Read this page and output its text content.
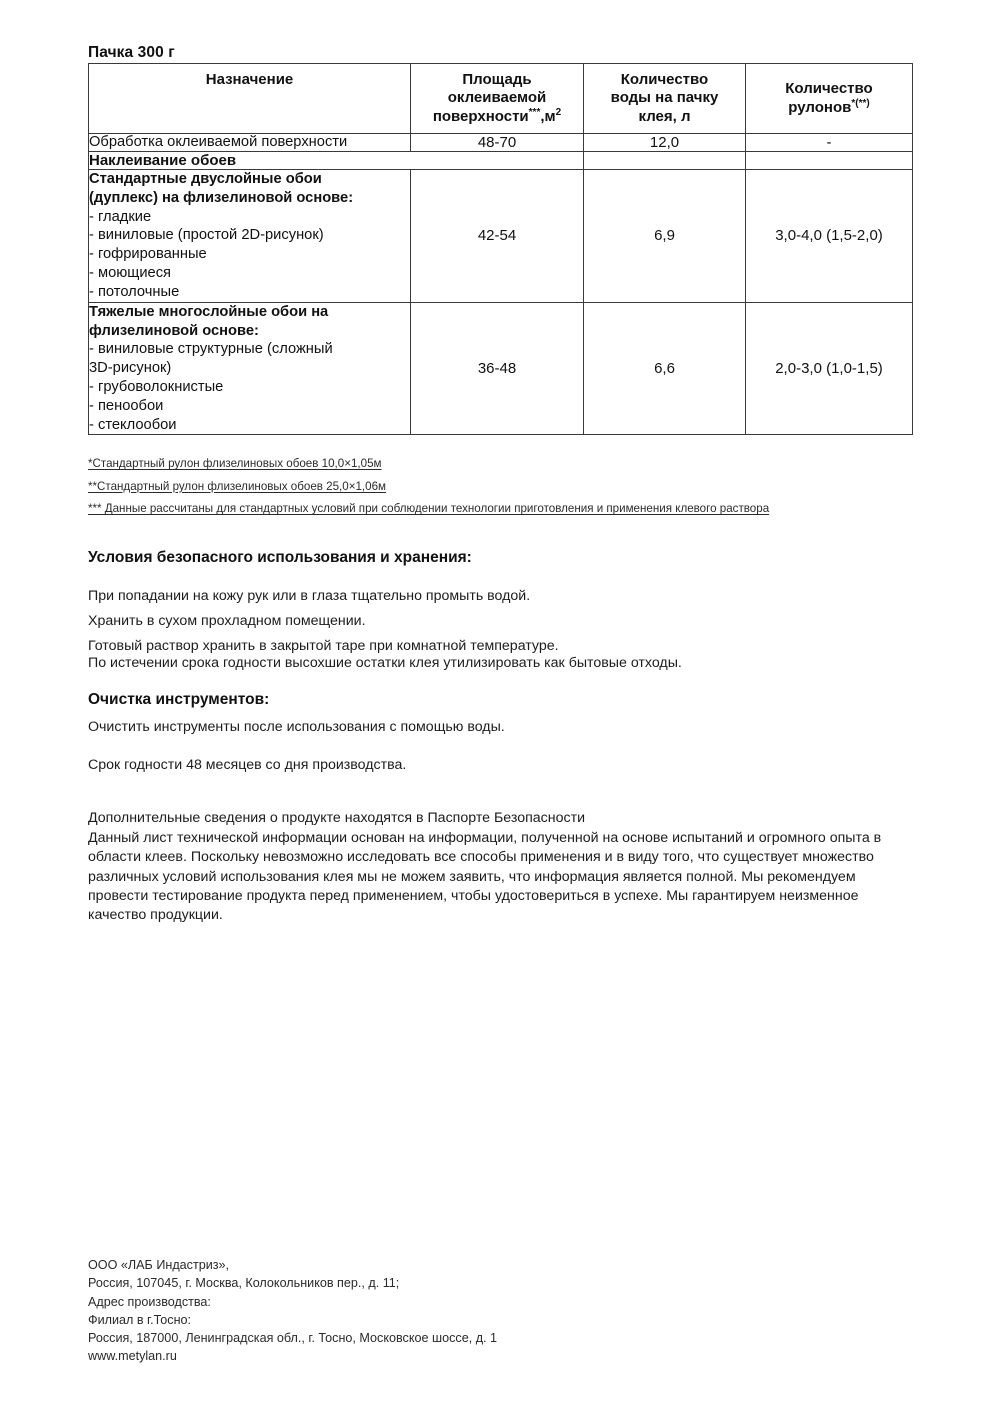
Пачка 300 г
Назначение	Площадь
оклеиваемой
$поверхности^{***},м^2$	Количество
воды на пачку
клея, л	Количество
рулонов*(**)
Обработка оклеиваемой поверхности	48-70	12,0	-
Наклеивание обоев			

Стандартные двуслойные обои
(дуплекс) на флизелиновой основе:
- гладкие
- виниловые (простой 2D-рисунок)
- гофрированные
- моющиеся
- потолочные
	42-54	6,9	3,0-4,0 (1,5-2,0)

Тяжелые многослойные обои на
флизелиновой основе:
- виниловые структурные (сложный
3D-рисунок)
- грубоволокнистые
- пенообои
- стеклообои
	36-48	6,6	2,0-3,0 (1,0-1,5)
*Стандартный рулон флизелиновых обоев 10,0×1,05м
**Стандартный рулон флизелиновых обоев 25,0×1,06м
*** Данные рассчитаны для стандартных условий при соблюдении технологии приготовления и применения клевого раствора
Условия безопасного использования и хранения:
При попадании на кожу рук или в глаза тщательно промыть водой.
Хранить в сухом прохладном помещении.
Готовый раствор хранить в закрытой таре при комнатной температуре.
По истечении срока годности высохшие остатки клея утилизировать как бытовые отходы.
Очистка инструментов:
Очистить инструменты после использования с помощью воды.
Срок годности 48 месяцев со дня производства.
Дополнительные сведения о продукте находятся в Паспорте Безопасности
Данный лист технической информации основан на информации, полученной на основе испытаний и огромного опыта в области клеев. Поскольку невозможно исследовать все способы применения и в виду того, что существует множество различных условий использования клея мы не можем заявить, что информация является полной. Мы рекомендуем провести тестирование продукта перед применением, чтобы удостовериться в успехе. Мы гарантируем неизменное качество продукции.
ООО «ЛАБ Индастриз»,
Россия, 107045, г. Москва, Колокольников пер., д. 11;
Адрес производства:
Филиал в г.Тосно:
Россия, 187000, Ленинградская обл., г. Тосно, Московское шоссе, д. 1
www.metylan.ru
